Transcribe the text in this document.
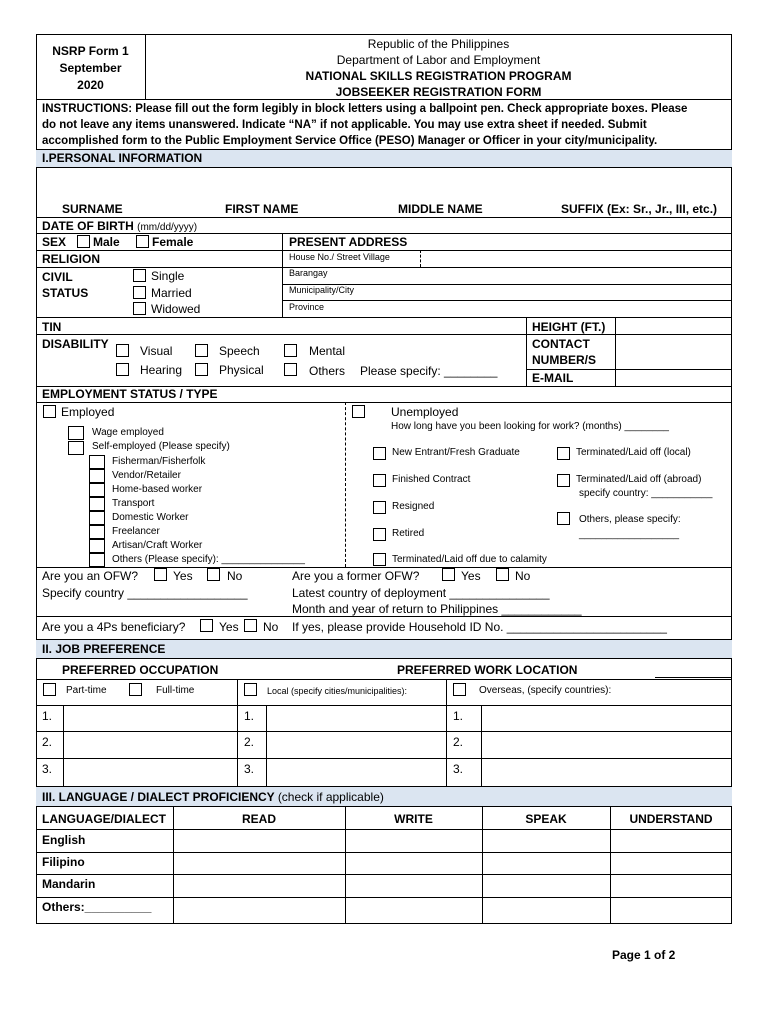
NSRP Form 1
September
2020
Republic of the Philippines
Department of Labor and Employment
NATIONAL SKILLS REGISTRATION PROGRAM
JOBSEEKER REGISTRATION FORM
INSTRUCTIONS: Please fill out the form legibly in block letters using a ballpoint pen. Check appropriate boxes. Please
do not leave any items unanswered. Indicate “NA” if not applicable. You may use extra sheet if needed. Submit
accomplished form to the Public Employment Service Office (PESO) Manager or Officer in your city/municipality.
I.PERSONAL INFORMATION
SURNAME	FIRST NAME	MIDDLE NAME	SUFFIX (Ex: Sr., Jr., III, etc.)
DATE OF BIRTH (mm/dd/yyyy)
SEX Male	Female	PRESENT ADDRESS
RELIGION	House No./ Street Village
Barangay
Municipality/City
Province
CIVIL
STATUS
Single
Married
Widowed
TIN	HEIGHT (FT.)
DISABILITY	Visual	Speech	Mental
Hearing	Physical	Others Please specify: ________
CONTACT
NUMBER/S
E-MAIL
EMPLOYMENT STATUS / TYPE
Employed
Wage employed
Self-employed (Please specify)
Fisherman/Fisherfolk
Vendor/Retailer
Home-based worker
Transport
Domestic Worker
Freelancer
Artisan/Craft Worker
Others (Please specify): _______________
Unemployed
How long have you been looking for work? (months) ________
New Entrant/Fresh Graduate
Finished Contract
Resigned
Retired
Terminated/Laid off due to calamity
Terminated/Laid off (local)
Terminated/Laid off (abroad)
specify country: ___________
Others, please specify:
__________________
Are you an OFW?	Yes	No	Are you a former OFW?	Yes	No
Specify country __________________	Latest country of deployment _______________
Month and year of return to Philippines ____________
Are you a 4Ps beneficiary?	Yes No If yes, please provide Household ID No. ________________________
II. JOB PREFERENCE
PREFERRED OCCUPATION	PREFERRED WORK LOCATION
Part-time	Full-time	Local (specify cities/municipalities):	Overseas, (specify countries):
1.
2.
3.
1.
2.
3.
1.
2.
3.
III. LANGUAGE / DIALECT PROFICIENCY (check if applicable)
LANGUAGE/DIALECT	READ	WRITE	SPEAK	UNDERSTAND
English
Filipino
Mandarin
Others:__________
Page 1 of 2
